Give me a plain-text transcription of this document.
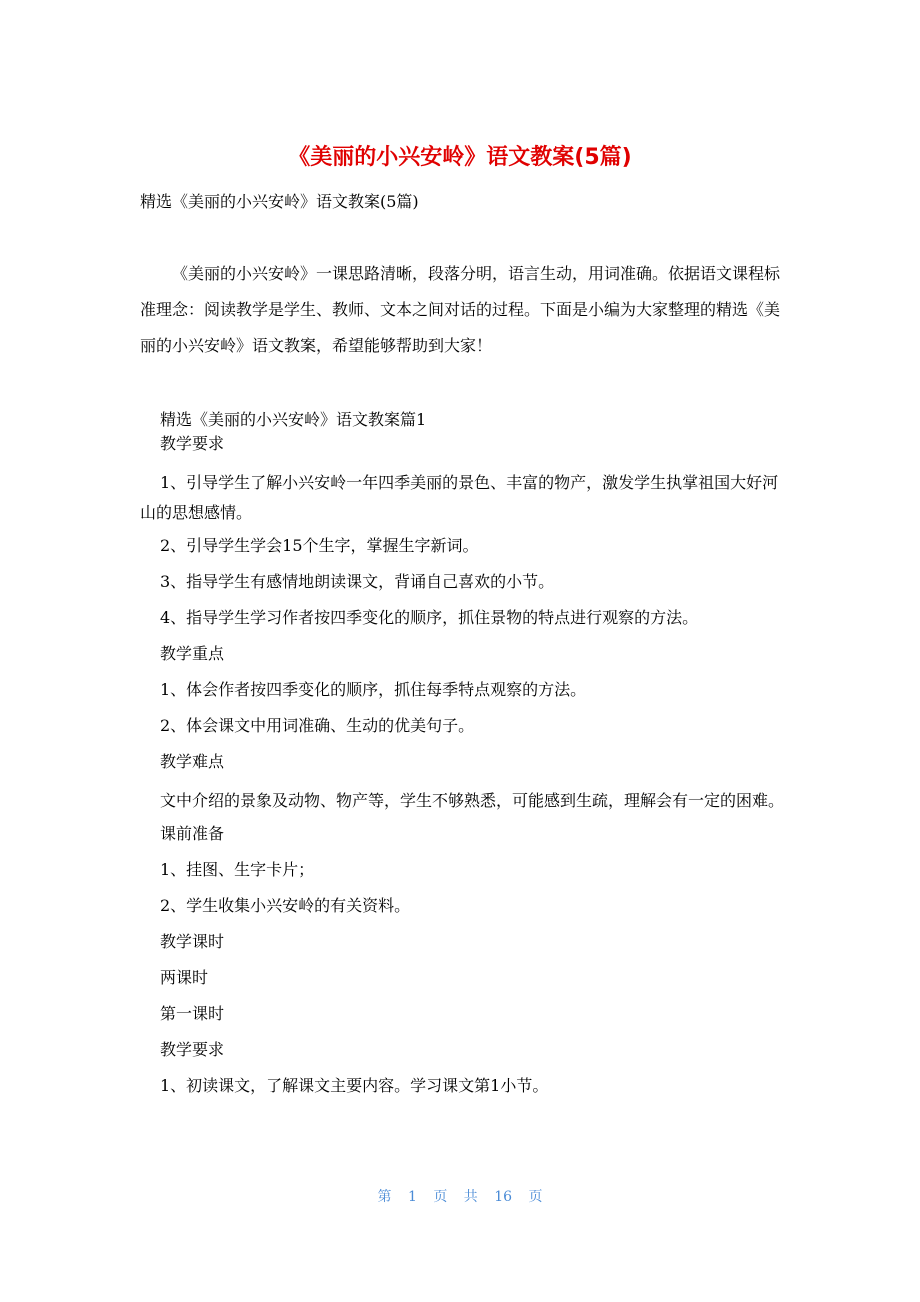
《美丽的小兴安岭》语文教案(5篇)
精选《美丽的小兴安岭》语文教案(5篇)
《美丽的小兴安岭》一课思路清晰，段落分明，语言生动，用词准确。依据语文课程标准理念：阅读教学是学生、教师、文本之间对话的过程。下面是小编为大家整理的精选《美丽的小兴安岭》语文教案，希望能够帮助到大家！
精选《美丽的小兴安岭》语文教案篇1

教学要求

1、引导学生了解小兴安岭一年四季美丽的景色、丰富的物产，激发学生执掌祖国大好河山的思想感情。

2、引导学生学会15个生字，掌握生字新词。

3、指导学生有感情地朗读课文，背诵自己喜欢的小节。

4、指导学生学习作者按四季变化的顺序，抓住景物的特点进行观察的方法。

教学重点

1、体会作者按四季变化的顺序，抓住每季特点观察的方法。

2、体会课文中用词准确、生动的优美句子。

教学难点

文中介绍的景象及动物、物产等，学生不够熟悉，可能感到生疏，理解会有一定的困难。

课前准备

1、挂图、生字卡片；

2、学生收集小兴安岭的有关资料。

教学课时

两课时

第一课时

教学要求

1、初读课文，了解课文主要内容。学习课文第1小节。

第 1 页 共 16 页
